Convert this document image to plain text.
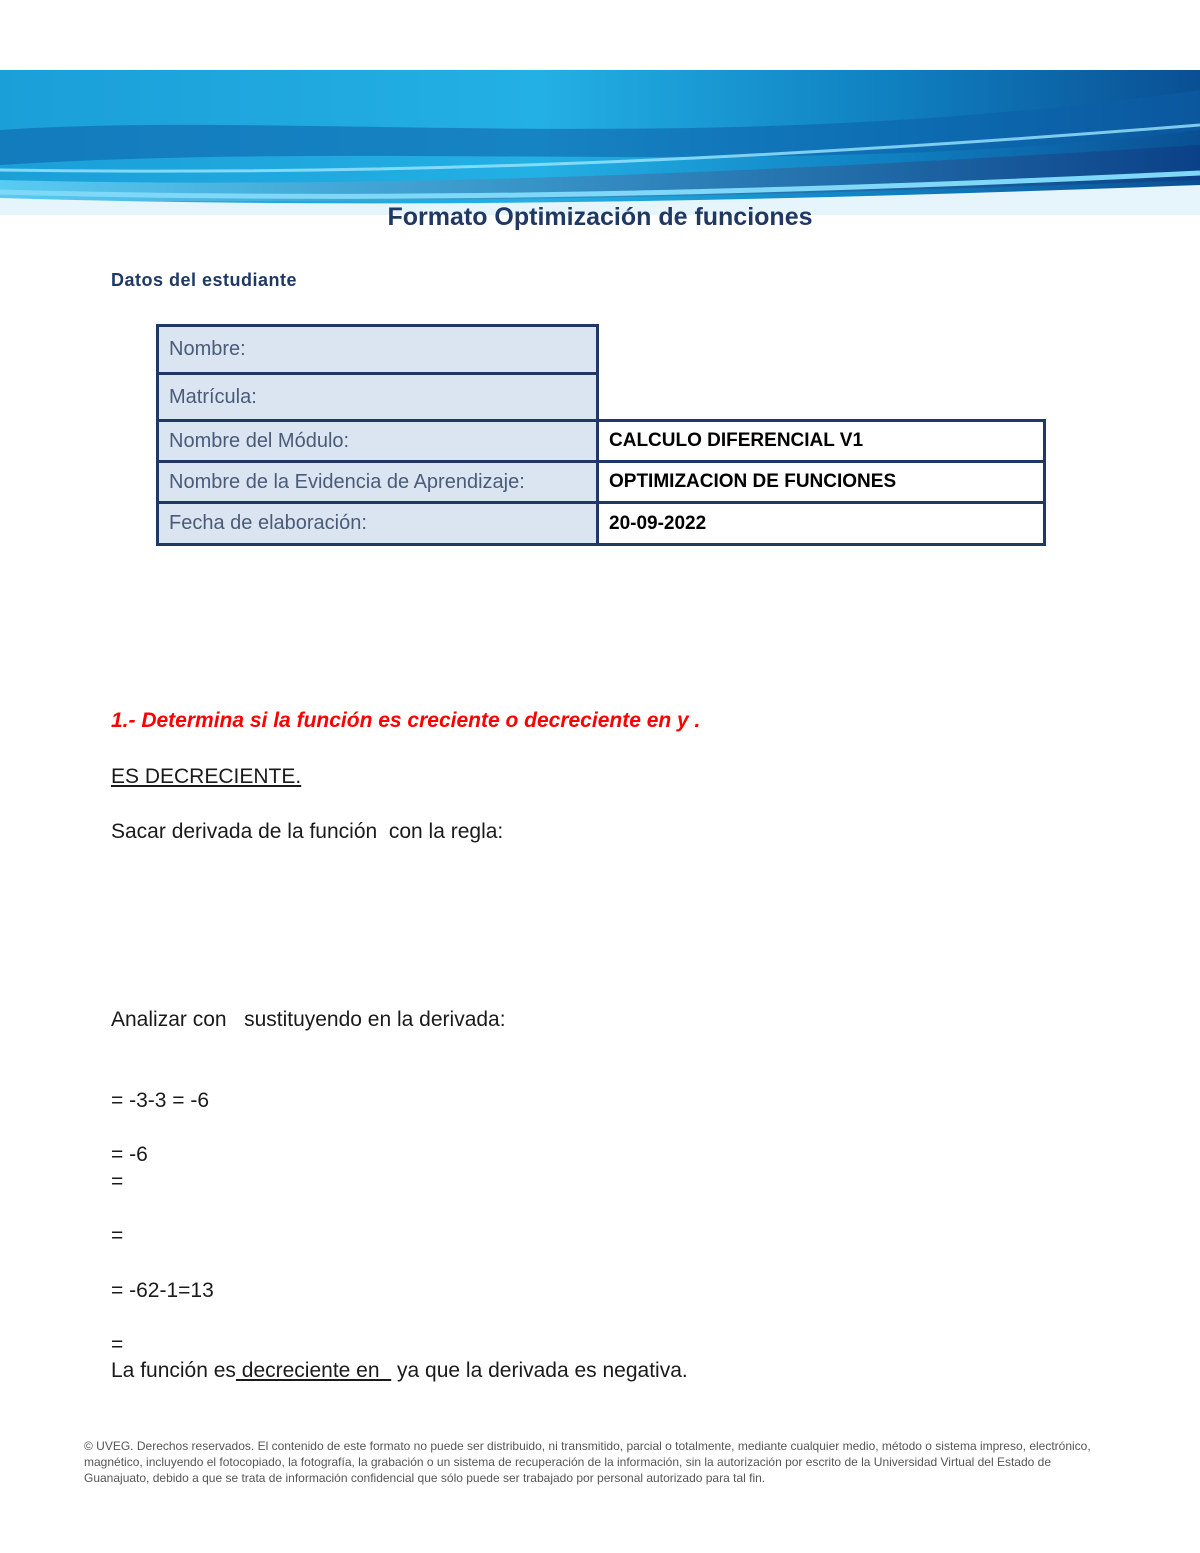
Formato Optimización de funciones
Datos del estudiante
Nombre:
Matrícula:
Nombre del Módulo:
Nombre de la Evidencia de Aprendizaje:
Fecha de elaboración:
CALCULO DIFERENCIAL V1
OPTIMIZACION DE FUNCIONES
20-09-2022
1.- Determina si la función es creciente o decreciente en y .
ES DECRECIENTE.
Sacar derivada de la función  con la regla:
Analizar con   sustituyendo en la derivada:
= -3-3 = -6
= -6
=
=
= -62-1=13
=
La función es decreciente en   ya que la derivada es negativa.
© UVEG. Derechos reservados. El contenido de este formato no puede ser distribuido, ni transmitido, parcial o totalmente, mediante cualquier medio, método o sistema impreso, electrónico, magnético, incluyendo el fotocopiado, la fotografía, la grabación o un sistema de recuperación de la información, sin la autorización por escrito de la Universidad Virtual del Estado de Guanajuato, debido a que se trata de información confidencial que sólo puede ser trabajado por personal autorizado para tal fin.
